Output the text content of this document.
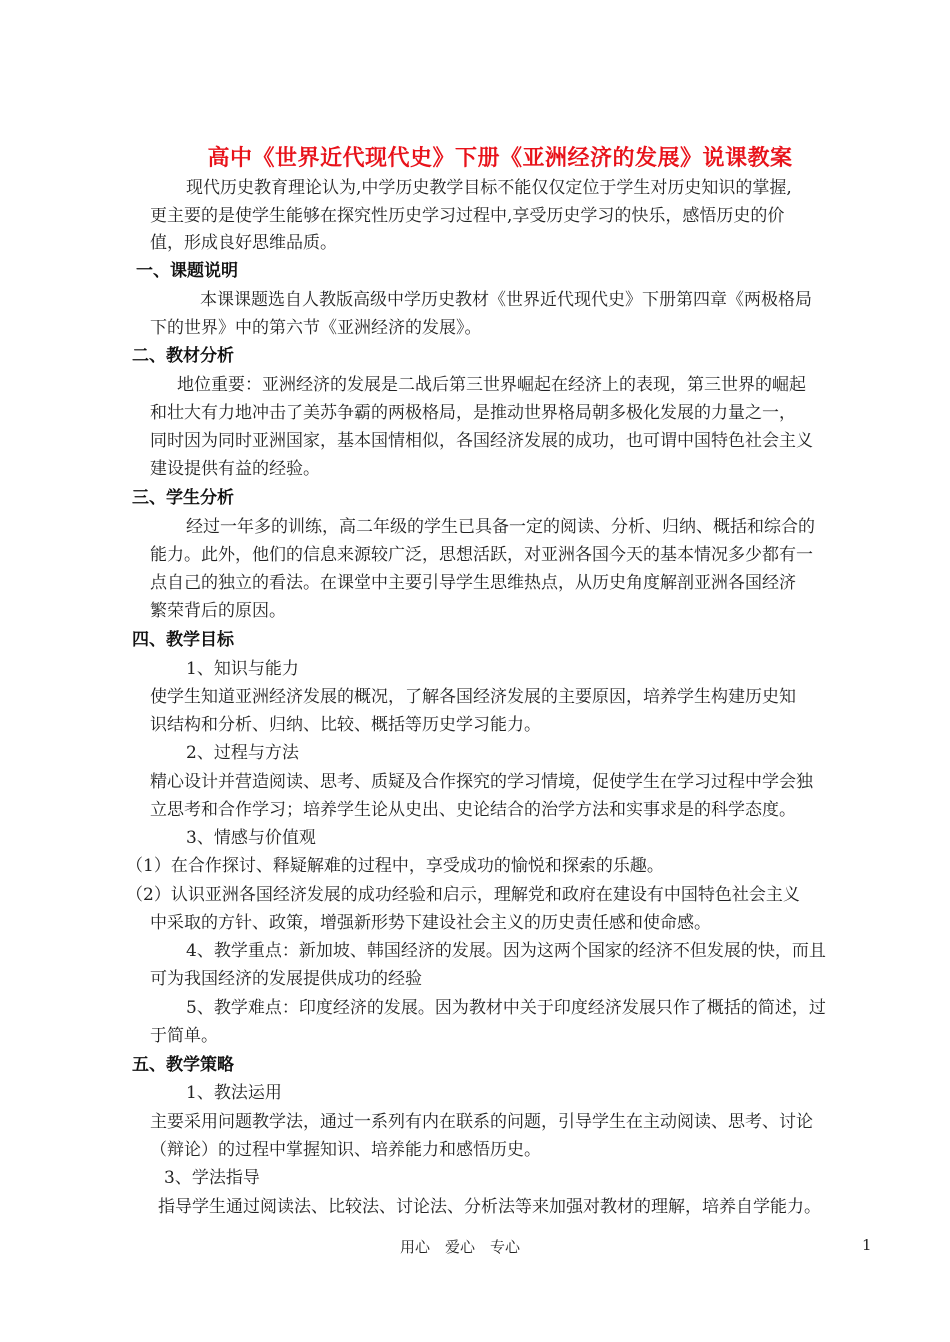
高中《世界近代现代史》下册《亚洲经济的发展》说课教案
现代历史教育理论认为,中学历史教学目标不能仅仅定位于学生对历史知识的掌握,
更主要的是使学生能够在探究性历史学习过程中,享受历史学习的快乐，感悟历史的价
值，形成良好思维品质。
一、课题说明
本课课题选自人教版高级中学历史教材《世界近代现代史》下册第四章《两极格局
下的世界》中的第六节《亚洲经济的发展》。
二、教材分析
地位重要：亚洲经济的发展是二战后第三世界崛起在经济上的表现，第三世界的崛起
和壮大有力地冲击了美苏争霸的两极格局，是推动世界格局朝多极化发展的力量之一，
同时因为同时亚洲国家，基本国情相似，各国经济发展的成功，也可谓中国特色社会主义
建设提供有益的经验。
三、学生分析
经过一年多的训练，高二年级的学生已具备一定的阅读、分析、归纳、概括和综合的
能力。此外，他们的信息来源较广泛，思想活跃，对亚洲各国今天的基本情况多少都有一
点自己的独立的看法。在课堂中主要引导学生思维热点，从历史角度解剖亚洲各国经济
繁荣背后的原因。
四、教学目标
1、知识与能力
使学生知道亚洲经济发展的概况，了解各国经济发展的主要原因，培养学生构建历史知
识结构和分析、归纳、比较、概括等历史学习能力。
2、过程与方法
精心设计并营造阅读、思考、质疑及合作探究的学习情境，促使学生在学习过程中学会独
立思考和合作学习；培养学生论从史出、史论结合的治学方法和实事求是的科学态度。
3、情感与价值观
（1）在合作探讨、释疑解难的过程中，享受成功的愉悦和探索的乐趣。
（2）认识亚洲各国经济发展的成功经验和启示，理解党和政府在建设有中国特色社会主义
中采取的方针、政策，增强新形势下建设社会主义的历史责任感和使命感。
4、教学重点：新加坡、韩国经济的发展。因为这两个国家的经济不但发展的快，而且
可为我国经济的发展提供成功的经验
5、教学难点：印度经济的发展。因为教材中关于印度经济发展只作了概括的简述，过
于简单。
五、教学策略
1、教法运用
主要采用问题教学法，通过一系列有内在联系的问题，引导学生在主动阅读、思考、讨论
（辩论）的过程中掌握知识、培养能力和感悟历史。
3、学法指导
指导学生通过阅读法、比较法、讨论法、分析法等来加强对教材的理解，培养自学能力。
用心　爱心　专心	1
